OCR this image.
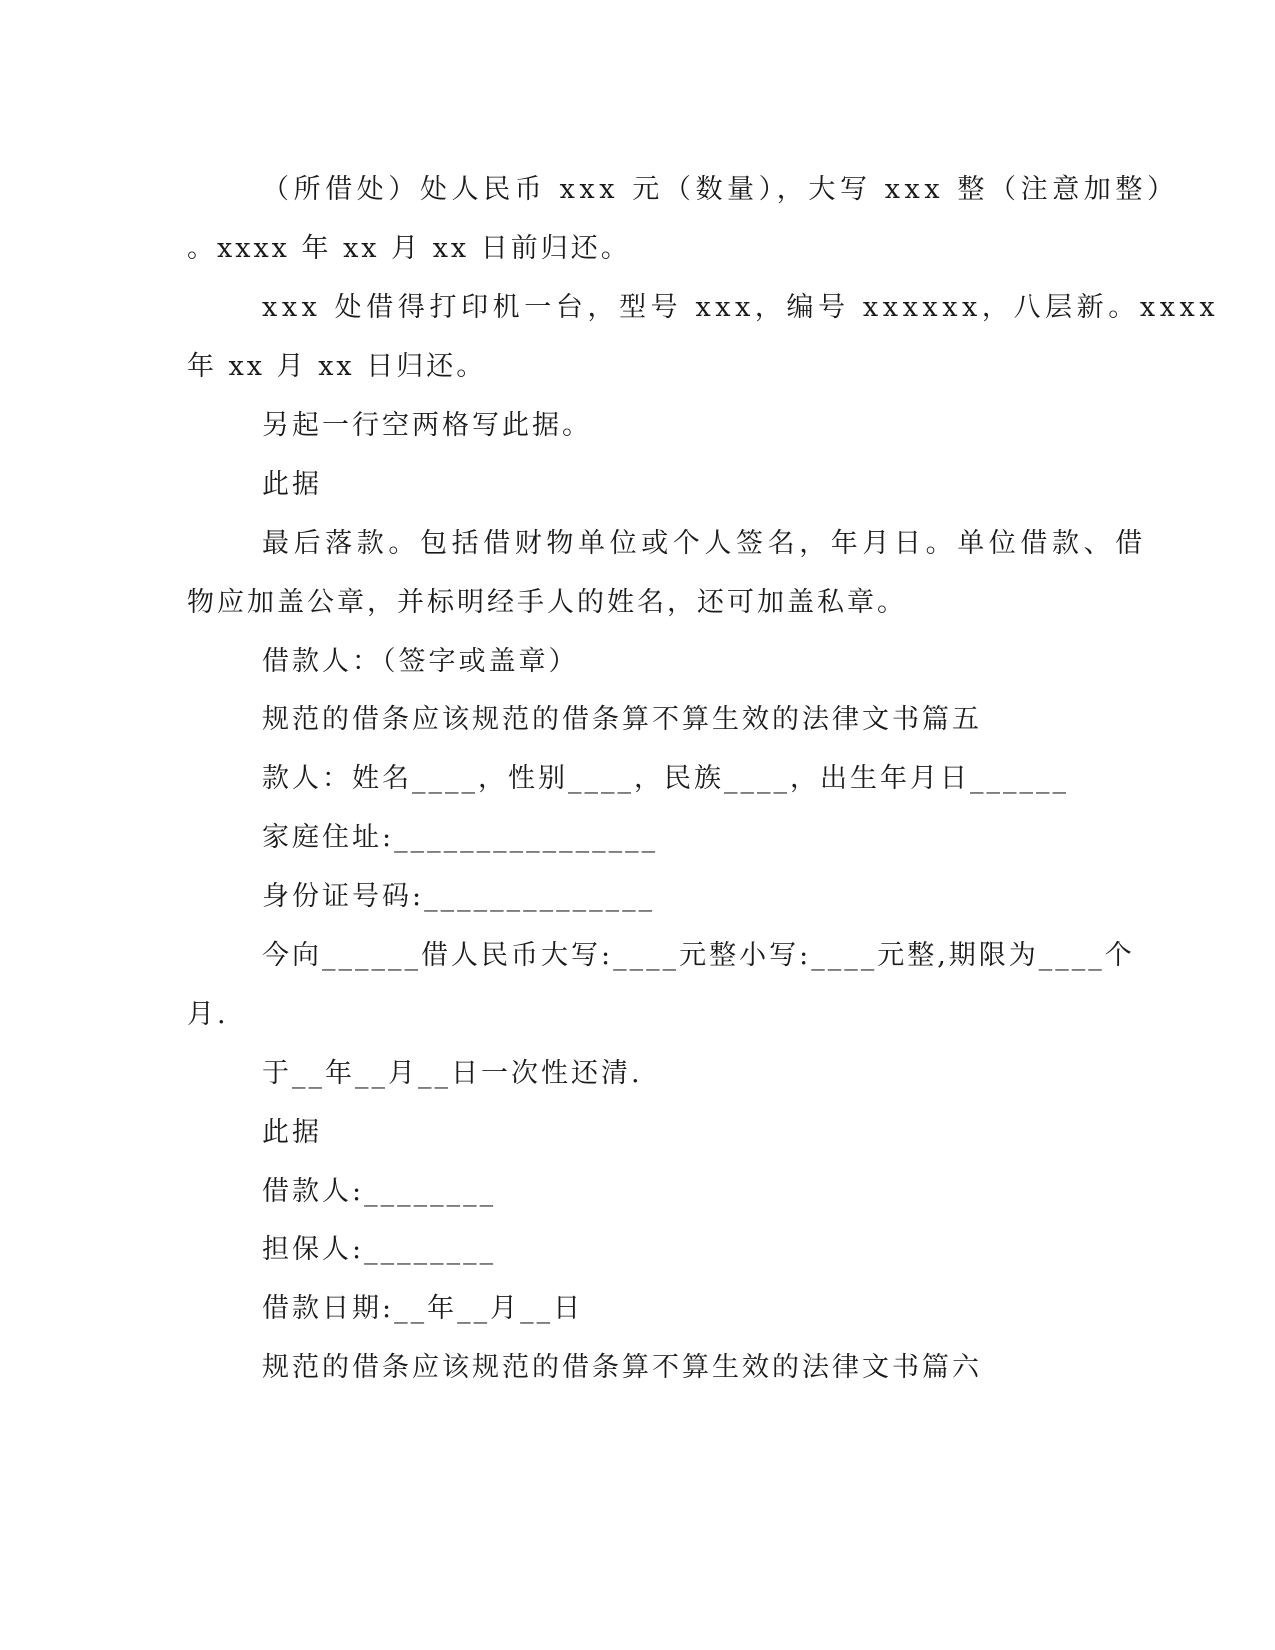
（所借处）处人民币 xxx 元（数量），大写 xxx 整（注意加整）
。xxxx 年 xx 月 xx 日前归还。
xxx 处借得打印机一台，型号 xxx，编号 xxxxxx，八层新。xxxx
年 xx 月 xx 日归还。
另起一行空两格写此据。
此据
最后落款。包括借财物单位或个人签名，年月日。单位借款、借
物应加盖公章，并标明经手人的姓名，还可加盖私章。
借款人：（签字或盖章）
规范的借条应该规范的借条算不算生效的法律文书篇五
款人：姓名____，性别____，民族____，出生年月日______
家庭住址:________________
身份证号码:______________
今向______借人民币大写:____元整小写:____元整,期限为____个
月.
于__年__月__日一次性还清.
此据
借款人:________
担保人:________
借款日期:__年__月__日
规范的借条应该规范的借条算不算生效的法律文书篇六
